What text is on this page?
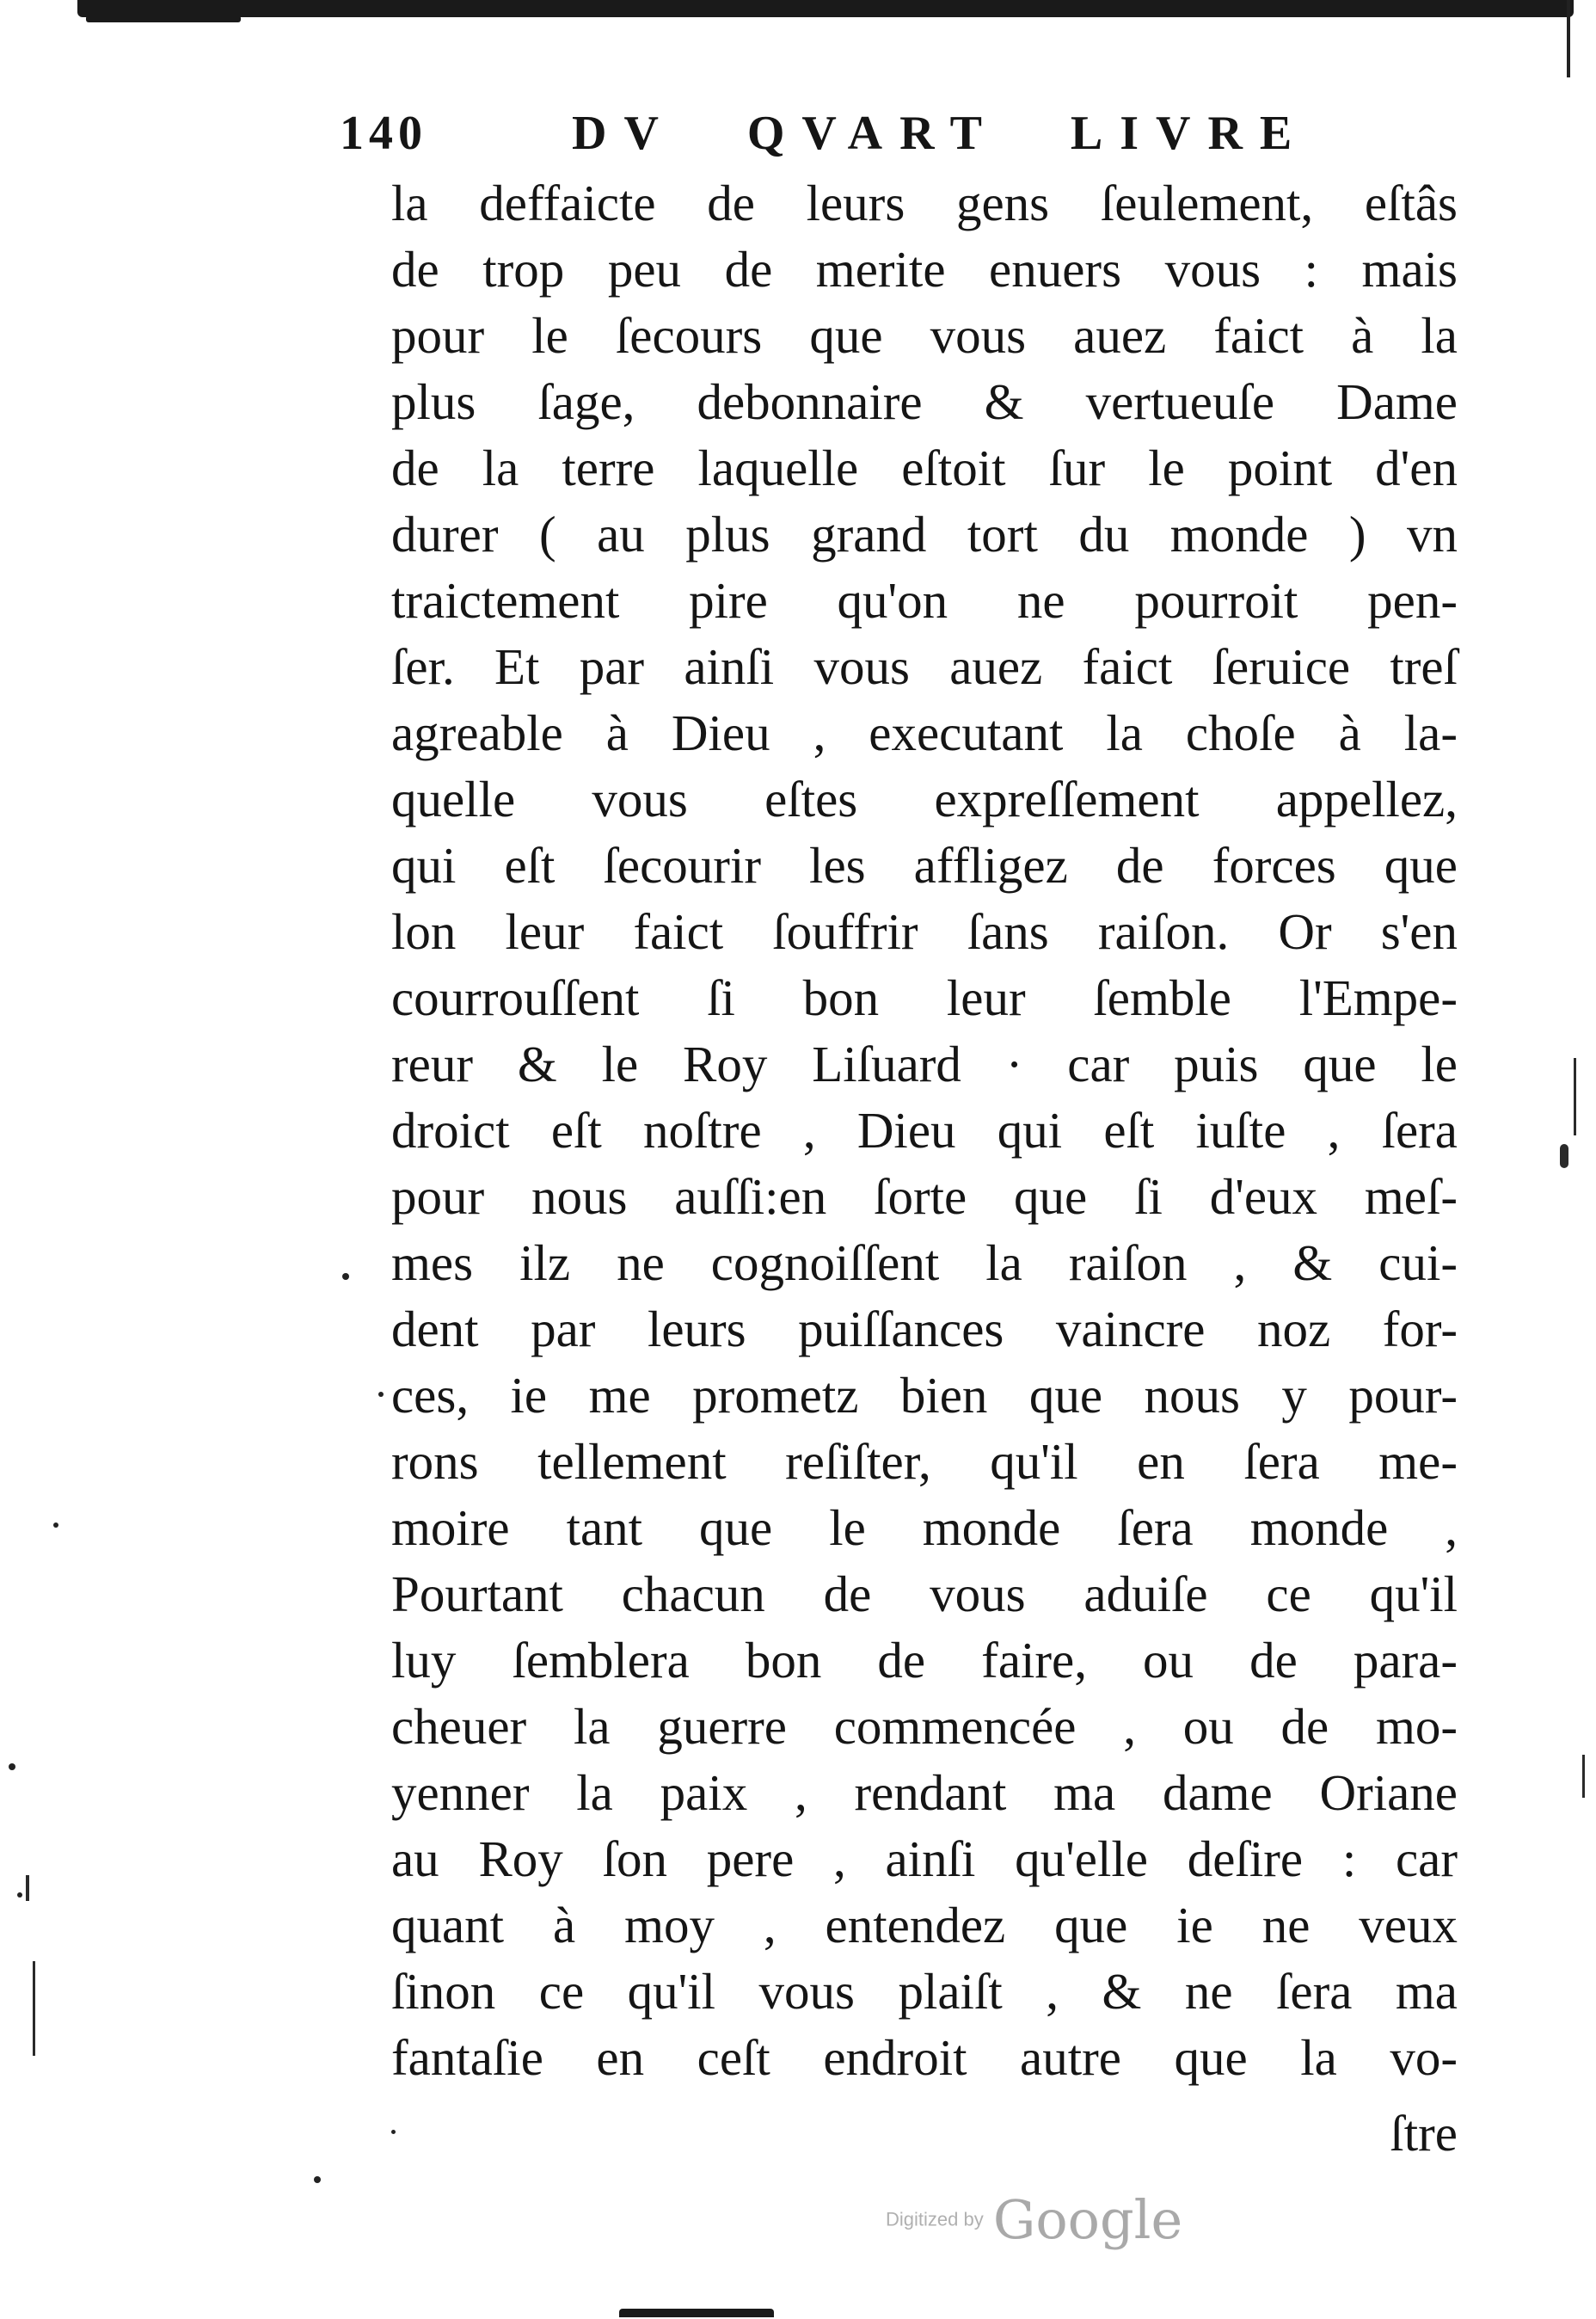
140	DV QVART LIVRE
la deffaicte de leurs gens ſeulement, eſtâs
de trop peu de merite enuers vous : mais
pour le ſecours que vous auez faict à la
plus ſage, debonnaire & vertueuſe Dame
de la terre laquelle eſtoit ſur le point d'en
durer ( au plus grand tort du monde ) vn
traictement pire qu'on ne pourroit pen-
ſer. Et par ainſi vous auez faict ſeruice treſ
agreable à Dieu , executant la choſe à la-
quelle vous eſtes expreſſement appellez,
qui eſt ſecourir les affligez de forces que
lon leur faict ſouffrir ſans raiſon. Or s'en
courrouſſent ſi bon leur ſemble l'Empe-
reur & le Roy Liſuard · car puis que le
droict eſt noſtre , Dieu qui eſt iuſte , ſera
pour nous auſſi:en ſorte que ſi d'eux meſ-
mes ilz ne cognoiſſent la raiſon , & cui-
dent par leurs puiſſances vaincre noz for-
ces, ie me prometz bien que nous y pour-
rons tellement reſiſter, qu'il en ſera me-
moire tant que le monde ſera monde ,
Pourtant chacun de vous aduiſe ce qu'il
luy ſemblera bon de faire, ou de para-
cheuer la guerre commencée , ou de mo-
yenner la paix , rendant ma dame Oriane
au Roy ſon pere , ainſi qu'elle deſire : car
quant à moy , entendez que ie ne veux
ſinon ce qu'il vous plaiſt , & ne ſera ma
fantaſie en ceſt endroit autre que la vo-
ſtre
Digitized by Google
